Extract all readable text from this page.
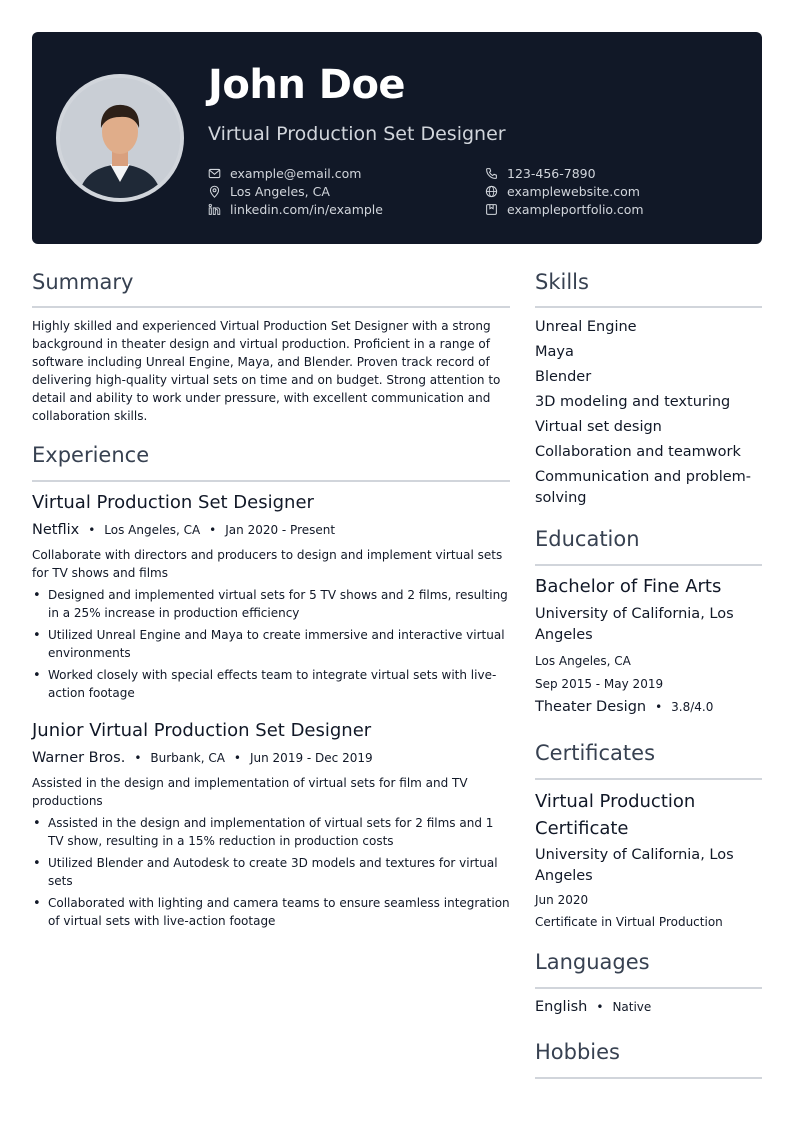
John Doe
Virtual Production Set Designer
example@email.com	123-456-7890
Los Angeles, CA	examplewebsite.com
linkedin.com/in/example	exampleportfolio.com
Summary
Highly skilled and experienced Virtual Production Set Designer with a strong background in theater design and virtual production. Proficient in a range of software including Unreal Engine, Maya, and Blender. Proven track record of delivering high-quality virtual sets on time and on budget. Strong attention to detail and ability to work under pressure, with excellent communication and collaboration skills.
Experience
Virtual Production Set Designer
Netflix • Los Angeles, CA • Jan 2020 - Present
Collaborate with directors and producers to design and implement virtual sets for TV shows and films
• Designed and implemented virtual sets for 5 TV shows and 2 films, resulting in a 25% increase in production efficiency
• Utilized Unreal Engine and Maya to create immersive and interactive virtual environments
• Worked closely with special effects team to integrate virtual sets with live-action footage
Junior Virtual Production Set Designer
Warner Bros. • Burbank, CA • Jun 2019 - Dec 2019
Assisted in the design and implementation of virtual sets for film and TV productions
• Assisted in the design and implementation of virtual sets for 2 films and 1 TV show, resulting in a 15% reduction in production costs
• Utilized Blender and Autodesk to create 3D models and textures for virtual sets
• Collaborated with lighting and camera teams to ensure seamless integration of virtual sets with live-action footage
Skills
Unreal Engine
Maya
Blender
3D modeling and texturing
Virtual set design
Collaboration and teamwork
Communication and problem-solving
Education
Bachelor of Fine Arts
University of California, Los Angeles
Los Angeles, CA
Sep 2015 - May 2019
Theater Design • 3.8/4.0
Certificates
Virtual Production Certificate
University of California, Los Angeles
Jun 2020
Certificate in Virtual Production
Languages
English • Native
Hobbies
